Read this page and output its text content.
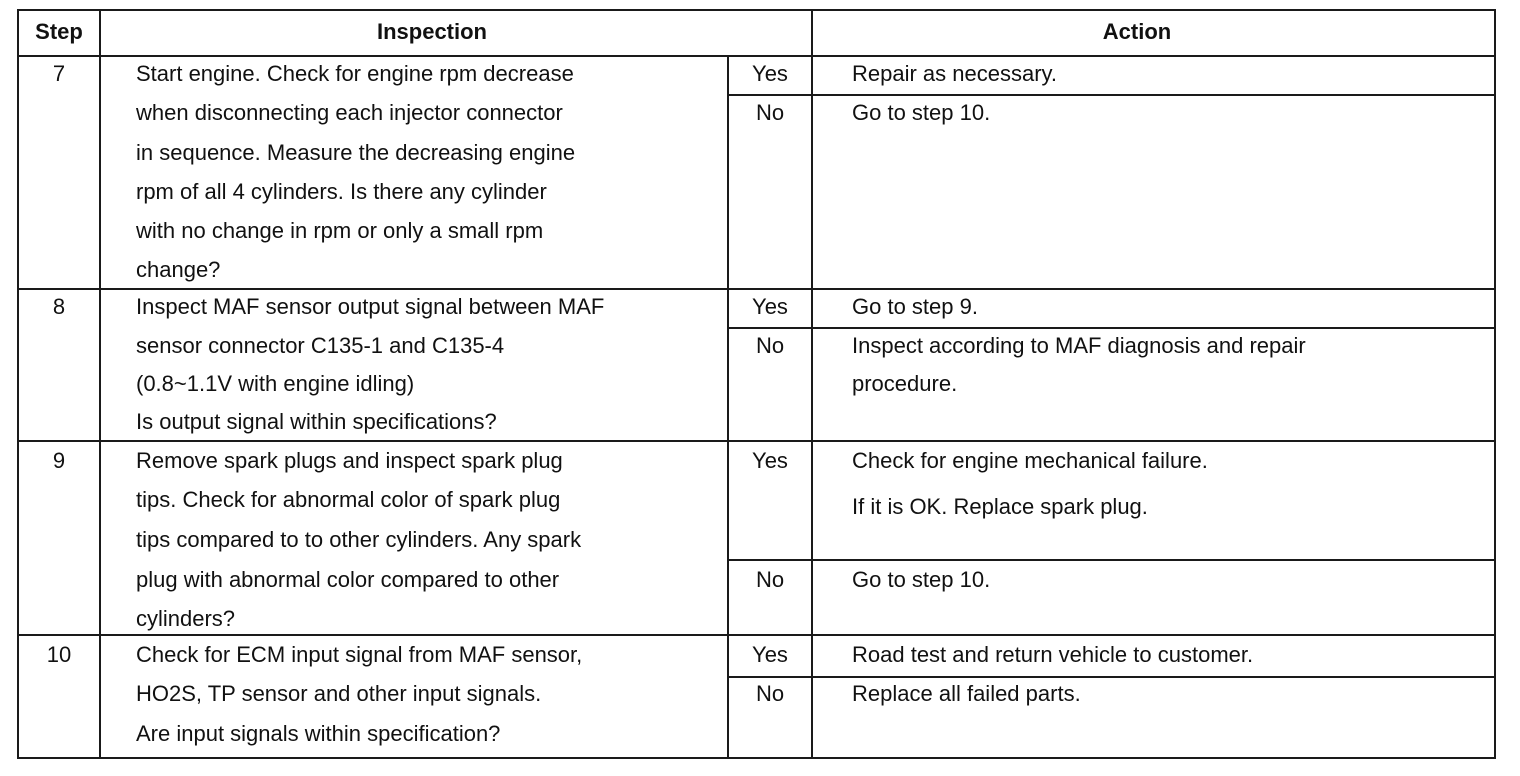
Step	Inspection	Action
7	Start engine. Check for engine rpm decrease
when disconnecting each injector connector
in sequence. Measure the decreasing engine
rpm of all 4 cylinders. Is there any cylinder
with no change in rpm or only a small rpm
change?
Yes	Repair as necessary.
No	Go to step 10.
8	Inspect MAF sensor output signal between MAF
sensor connector C135-1 and C135-4
(0.8~1.1V with engine idling)
Is output signal within specifications?
Yes	Go to step 9.
No	Inspect according to MAF diagnosis and repair
procedure.
9	Remove spark plugs and inspect spark plug
tips. Check for abnormal color of spark plug
tips compared to to other cylinders. Any spark
plug with abnormal color compared to other
cylinders?
Yes	Check for engine mechanical failure.
If it is OK. Replace spark plug.
No	Go to step 10.
10	Check for ECM input signal from MAF sensor,
HO2S, TP sensor and other input signals.
Are input signals within specification?
Yes	Road test and return vehicle to customer.
No	Replace all failed parts.
